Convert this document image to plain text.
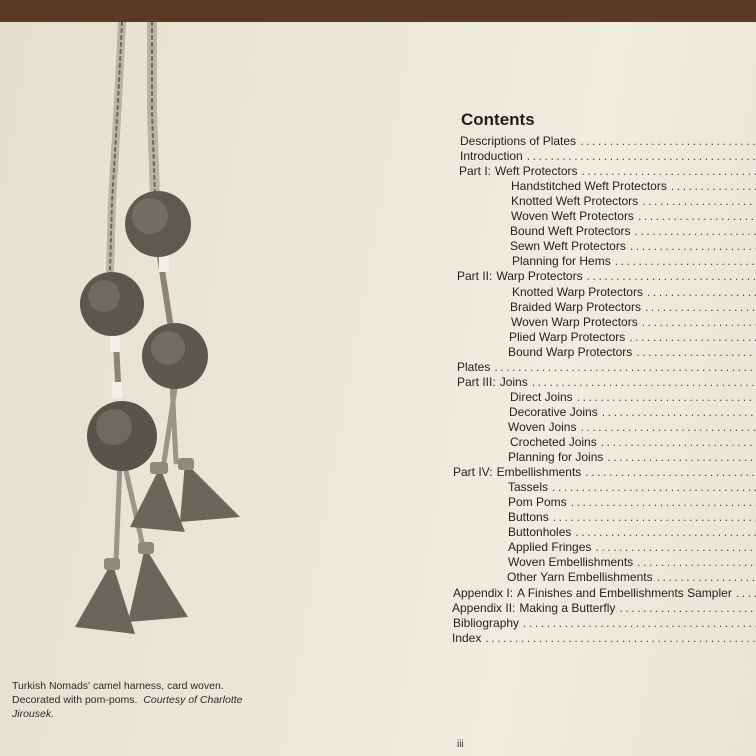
Turkish Nomads' camel harness, card woven.
Decorated with pom-poms. Courtesy of Charlotte
Jirousek.
Contents
Descriptions of Plates
.....
Introduction
.....
Part I: Weft Protectors
.....
Handstitched Weft Protectors
.....
Knotted Weft Protectors
.....
Woven Weft Protectors
.....
Bound Weft Protectors
.....
Sewn Weft Protectors
.....
Planning for Hems
.....
Part II: Warp Protectors
.....
Knotted Warp Protectors
.....
Braided Warp Protectors
.....
Woven Warp Protectors
.....
Plied Warp Protectors
.....
Bound Warp Protectors
.....
Plates
.....
Part III: Joins
.....
Direct Joins
.....
Decorative Joins
.....
Woven Joins
.....
Crocheted Joins
.....
Planning for Joins
.....
Part IV: Embellishments
.....
Tassels
.....
Pom Poms
.....
Buttons
.....
Buttonholes
.....
Applied Fringes
.....
Woven Embellishments
.....
Other Yarn Embellishments
.....
Appendix I: A Finishes and Embellishments Sampler
.....
Appendix II: Making a Butterfly
.....
Bibliography
.....
Index
.....
iii
